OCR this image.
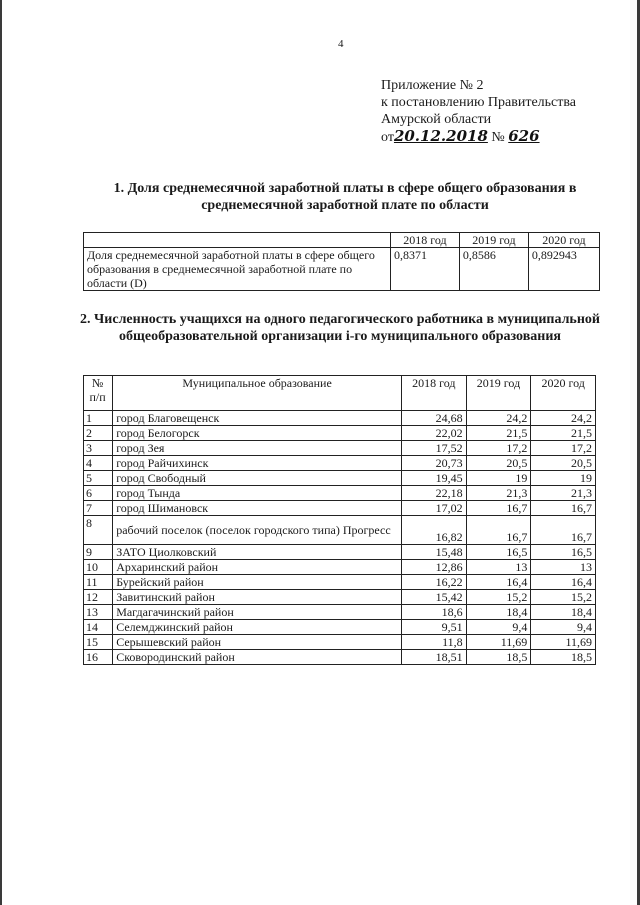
4
Приложение № 2
к постановлению Правительства
Амурской области
от20.12.2018 № 626
1. Доля среднемесячной заработной платы в сфере общего образования в среднемесячной заработной плате по области
	2018 год	2019 год	2020 год
Доля среднемесячной заработной платы в сфере общего образования в среднемесячной заработной плате по области (D)	0,8371	0,8586	0,892943
2. Численность учащихся на одного педагогического работника в муниципальной общеобразовательной организации i-го муниципального образования
№ п/п	Муниципальное образование	2018 год	2019 год	2020 год
1	город Благовещенск	24,68	24,2	24,2
2	город Белогорск	22,02	21,5	21,5
3	город Зея	17,52	17,2	17,2
4	город Райчихинск	20,73	20,5	20,5
5	город Свободный	19,45	19	19
6	город Тында	22,18	21,3	21,3
7	город Шимановск	17,02	16,7	16,7
8	рабочий поселок (поселок городского типа) Прогресс	16,82	16,7	16,7
9	ЗАТО Циолковский	15,48	16,5	16,5
10	Архаринский район	12,86	13	13
11	Бурейский район	16,22	16,4	16,4
12	Завитинский район	15,42	15,2	15,2
13	Магдагачинский район	18,6	18,4	18,4
14	Селемджинский район	9,51	9,4	9,4
15	Серышевский район	11,8	11,69	11,69
16	Сковородинский район	18,51	18,5	18,5
